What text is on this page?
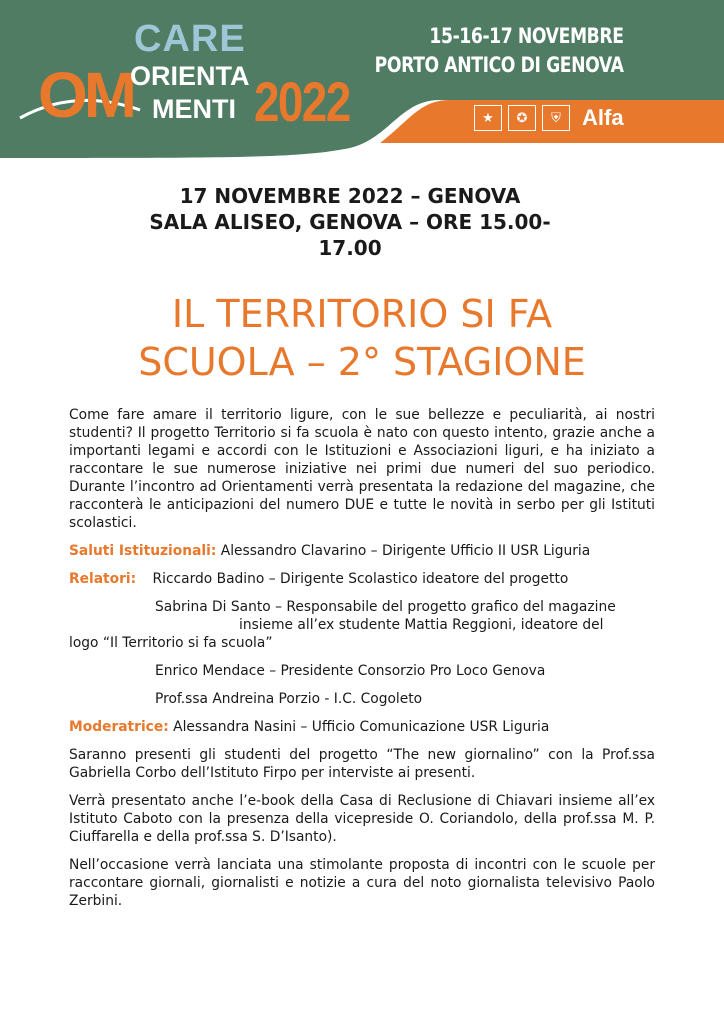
CARE
OM
ORIENTA
MENTI 2022
15-16-17 NOVEMBRE
PORTO ANTICO DI GENOVA
★	✪	⛨ Alfa
17 NOVEMBRE 2022 – GENOVA
SALA ALISEO, GENOVA – ORE 15.00-
17.00
IL TERRITORIO SI FA
SCUOLA – 2° STAGIONE

Come fare amare il territorio ligure, con le sue bellezze e peculiarità, ai nostri studenti? Il progetto Territorio si fa scuola è nato con questo intento, grazie anche a importanti legami e accordi con le Istituzioni e Associazioni liguri, e ha iniziato a raccontare le sue numerose iniziative nei primi due numeri del suo periodico. Durante l’incontro ad Orientamenti verrà presentata la redazione del magazine, che racconterà le anticipazioni del numero DUE e tutte le novità in serbo per gli Istituti scolastici.

Saluti Istituzionali: Alessandro Clavarino – Dirigente Ufficio II USR Liguria
Relatori: Riccardo Badino – Dirigente Scolastico ideatore del progetto
Sabrina Di Santo – Responsabile del progetto grafico del magazine
insieme all’ex studente Mattia Reggioni, ideatore del
logo “Il Territorio si fa scuola”
Enrico Mendace – Presidente Consorzio Pro Loco Genova
Prof.ssa Andreina Porzio - I.C. Cogoleto
Moderatrice: Alessandra Nasini – Ufficio Comunicazione USR Liguria

Saranno presenti gli studenti del progetto “The new giornalino” con la Prof.ssa Gabriella Corbo dell’Istituto Firpo per interviste ai presenti.

Verrà presentato anche l’e-book della Casa di Reclusione di Chiavari insieme all’ex Istituto Caboto con la presenza della vicepreside O. Coriandolo, della prof.ssa M. P. Ciuffarella e della prof.ssa S. D’Isanto).

Nell’occasione verrà lanciata una stimolante proposta di incontri con le scuole per raccontare giornali, giornalisti e notizie a cura del noto giornalista televisivo Paolo Zerbini.
